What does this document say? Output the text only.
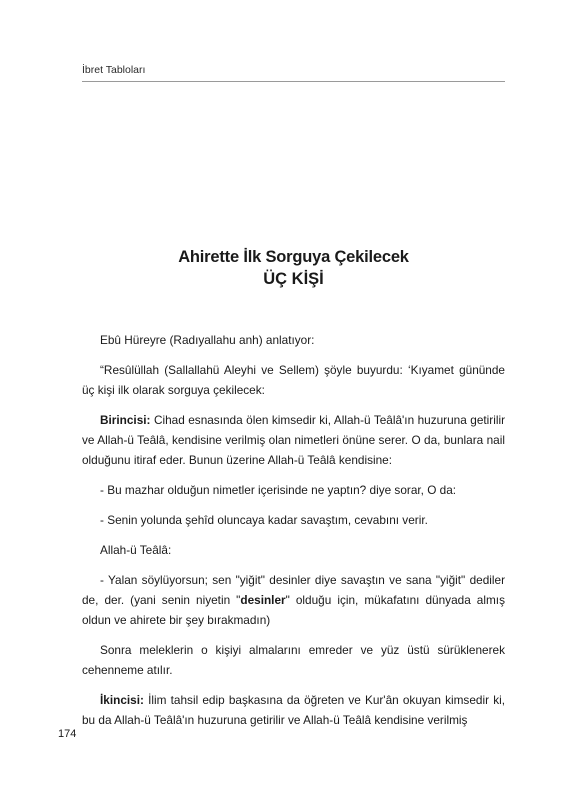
İbret Tabloları
Ahirette İlk Sorguya Çekilecek
ÜÇ KİŞİ

Ebû Hüreyre (Radıyallahu anh) anlatıyor:

“Resûlüllah (Sallallahü Aleyhi ve Sellem) şöyle buyurdu: ‘Kıyamet gününde üç kişi ilk olarak sorguya çekilecek:

Birincisi: Cihad esnasında ölen kimsedir ki, Allah-ü Teâlâ'ın huzuruna getirilir ve Allah-ü Teâlâ, kendisine verilmiş olan nimetleri önüne serer. O da, bunlara nail olduğunu itiraf eder. Bunun üzerine Allah-ü Teâlâ kendisine:

- Bu mazhar olduğun nimetler içerisinde ne yaptın? diye sorar, O da:

- Senin yolunda şehîd oluncaya kadar savaştım, cevabını verir.

Allah-ü Teâlâ:

- Yalan söylüyorsun; sen "yiğit" desinler diye savaştın ve sana "yiğit" dediler de, der. (yani senin niyetin "desinler" olduğu için, mükafatını dünyada almış oldun ve ahirete bir şey bırakmadın)

Sonra meleklerin o kişiyi almalarını emreder ve yüz üstü sürüklenerek cehenneme atılır.

İkincisi: İlim tahsil edip başkasına da öğreten ve Kur'ân okuyan kimsedir ki, bu da Allah-ü Teâlâ'ın huzuruna getirilir ve Allah-ü Teâlâ kendisine verilmiş

174
